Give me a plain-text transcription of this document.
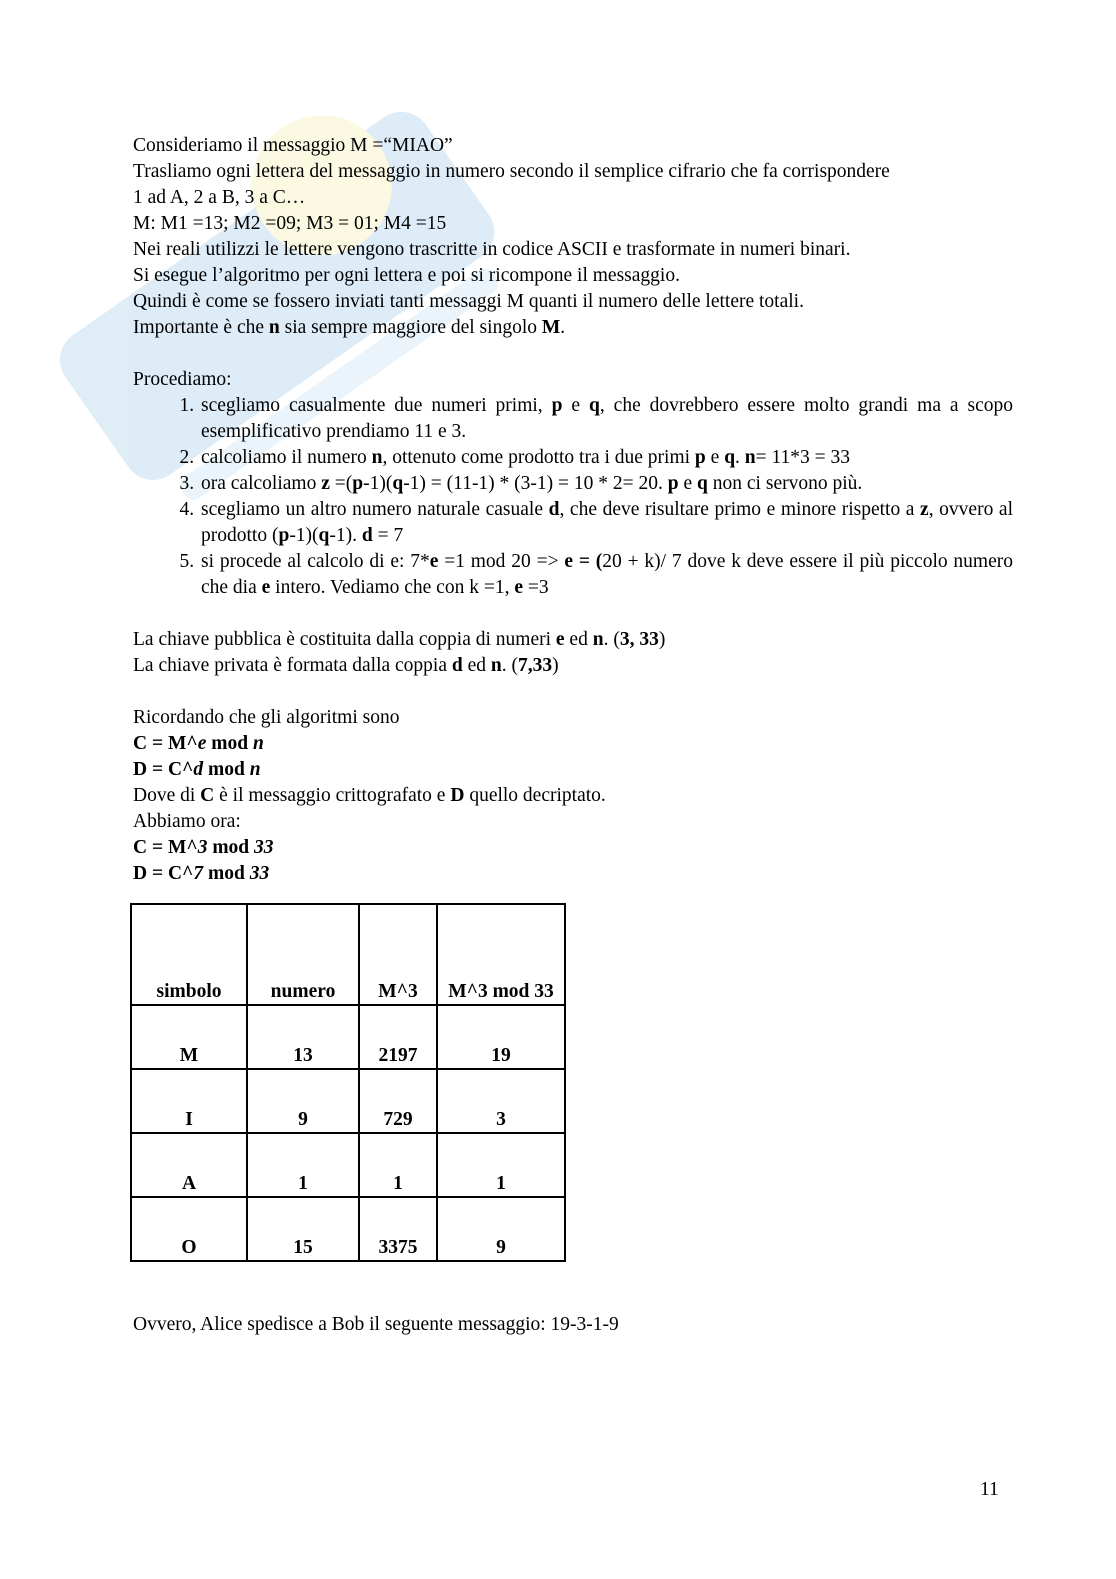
Consideriamo il messaggio M =“MIAO”

Trasliamo ogni lettera del messaggio in numero secondo il semplice cifrario che fa corrispondere

1 ad A, 2 a B, 3 a C…

M: M1 =13; M2 =09; M3 = 01; M4 =15

Nei reali utilizzi le lettere vengono trascritte in codice ASCII e trasformate in numeri binari.

Si esegue l’algoritmo per ogni lettera e poi si ricompone il messaggio.

Quindi è come se fossero inviati tanti messaggi M quanti il numero delle lettere totali.

Importante è che n sia sempre maggiore del singolo M.

Procediamo:

1. scegliamo casualmente due numeri primi, p e q, che dovrebbero essere molto grandi ma a scopo esemplificativo prendiamo 11 e 3.
2. calcoliamo il numero n, ottenuto come prodotto tra i due primi p e q. n= 11*3 = 33
3. ora calcoliamo z =(p-1)(q-1) = (11-1) * (3-1) = 10 * 2= 20. p e q non ci servono più.
4. scegliamo un altro numero naturale casuale d, che deve risultare primo e minore rispetto a z, ovvero al prodotto (p-1)(q-1). d = 7
5. si procede al calcolo di e: 7*e =1 mod 20 => e = (20 + k)/ 7 dove k deve essere il più piccolo numero che dia e intero. Vediamo che con k =1, e =3

La chiave pubblica è costituita dalla coppia di numeri e ed n. (3, 33)

La chiave privata è formata dalla coppia d ed n. (7,33)

Ricordando che gli algoritmi sono

C = M^e mod n

D = C^d mod n

Dove di C è il messaggio crittografato e D quello decriptato.

Abbiamo ora:

C = M^3 mod 33

D = C^7 mod 33

simbolo	numero	M^3	M^3 mod 33
M	13	2197	19
I	9	729	3
A	1	1	1
O	15	3375	9

Ovvero, Alice spedisce a Bob il seguente messaggio: 19-3-1-9

11
